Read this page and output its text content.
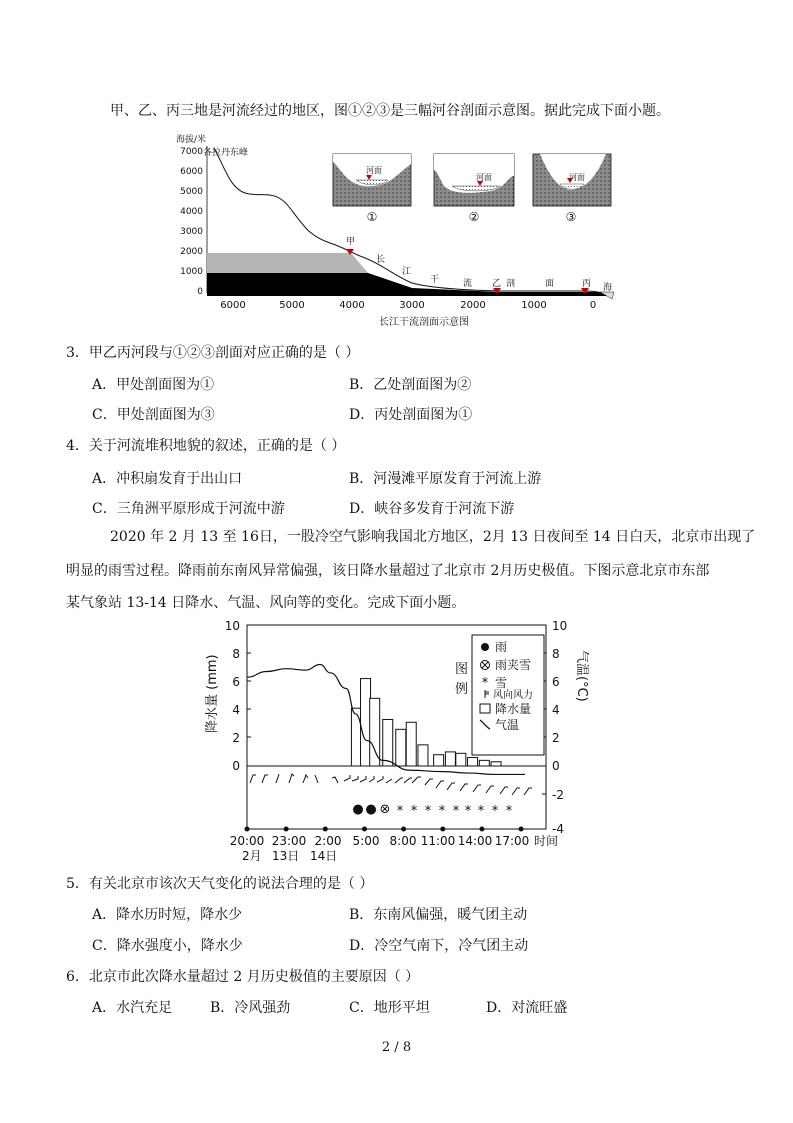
甲、乙、丙三地是河流经过的地区，图①②③是三幅河谷剖面示意图。据此完成下面小题。
海拔/米
各拉丹东峰
7000
6000
5000
4000
3000
2000
1000
0
甲
乙	丙 海
长
江
干	流	剖	面
6000	5000	4000	3000	2000	1000	0
长江干流剖面示意图
河面
①
河面
②
河面
③
3．甲乙丙河段与①②③剖面对应正确的是（ ）
A．甲处剖面图为①	B．乙处剖面图为②
C．甲处剖面图为③	D．丙处剖面图为①
4．关于河流堆积地貌的叙述，正确的是（ ）
A．冲积扇发育于出山口	B．河漫滩平原发育于河流上游
C．三角洲平原形成于河流中游	D．峡谷多发育于河流下游
2020 年 2 月 13 至 16日，一股冷空气影响我国北方地区，2月 13 日夜间至 14 日白天，北京市出现了
明显的雨雪过程。降雨前东南风异常偏强，该日降水量超过了北京市 2月历史极值。下图示意北京市东部
某气象站 13-14 日降水、气温、风向等的变化。完成下面小题。
10
8
6
4
2
0
10
8
6
4
2
0
-2
-4
降水量 (mm)	气温(°C)
20:00 23:00 2:00 5:00 8:00 11:00 14:00 17:00 时间
2月 13日 14日
● ● ⊗ * * * * * * * * *
图
例
雨
雨夹雪
* 雪
风向风力
降水量
气温
5．有关北京市该次天气变化的说法合理的是（ ）
A．降水历时短，降水少	B．东南风偏强，暖气团主动
C．降水强度小，降水少	D．冷空气南下，冷气团主动
6．北京市此次降水量超过 2 月历史极值的主要原因（ ）
A．水汽充足	B．冷风强劲	C．地形平坦	D．对流旺盛
2 / 8
